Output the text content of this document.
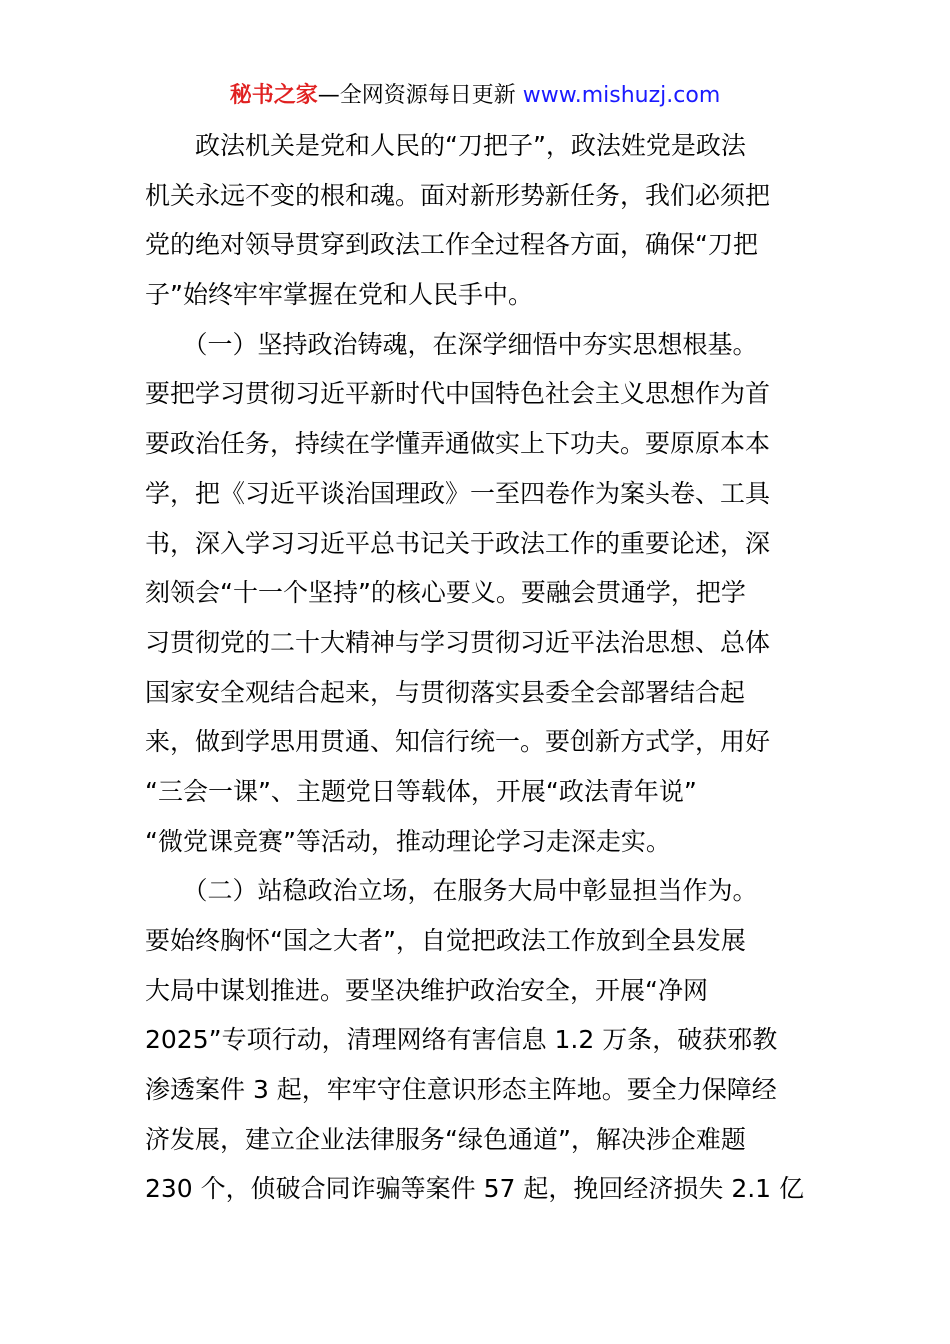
秘书之家—全网资源每日更新 www.mishuzj.com
　　政法机关是党和人民的“刀把子”，政法姓党是政法
机关永远不变的根和魂。面对新形势新任务，我们必须把
党的绝对领导贯穿到政法工作全过程各方面，确保“刀把
子”始终牢牢掌握在党和人民手中。
　　（一）坚持政治铸魂，在深学细悟中夯实思想根基。
要把学习贯彻习近平新时代中国特色社会主义思想作为首
要政治任务，持续在学懂弄通做实上下功夫。要原原本本
学，把《习近平谈治国理政》一至四卷作为案头卷、工具
书，深入学习习近平总书记关于政法工作的重要论述，深
刻领会“十一个坚持”的核心要义。要融会贯通学，把学
习贯彻党的二十大精神与学习贯彻习近平法治思想、总体
国家安全观结合起来，与贯彻落实县委全会部署结合起
来，做到学思用贯通、知信行统一。要创新方式学，用好
“三会一课”、主题党日等载体，开展“政法青年说”
“微党课竞赛”等活动，推动理论学习走深走实。
　　（二）站稳政治立场，在服务大局中彰显担当作为。
要始终胸怀“国之大者”，自觉把政法工作放到全县发展
大局中谋划推进。要坚决维护政治安全，开展“净网
2025”专项行动，清理网络有害信息 1.2 万条，破获邪教
渗透案件 3 起，牢牢守住意识形态主阵地。要全力保障经
济发展，建立企业法律服务“绿色通道”，解决涉企难题
230 个，侦破合同诈骗等案件 57 起，挽回经济损失 2.1 亿
